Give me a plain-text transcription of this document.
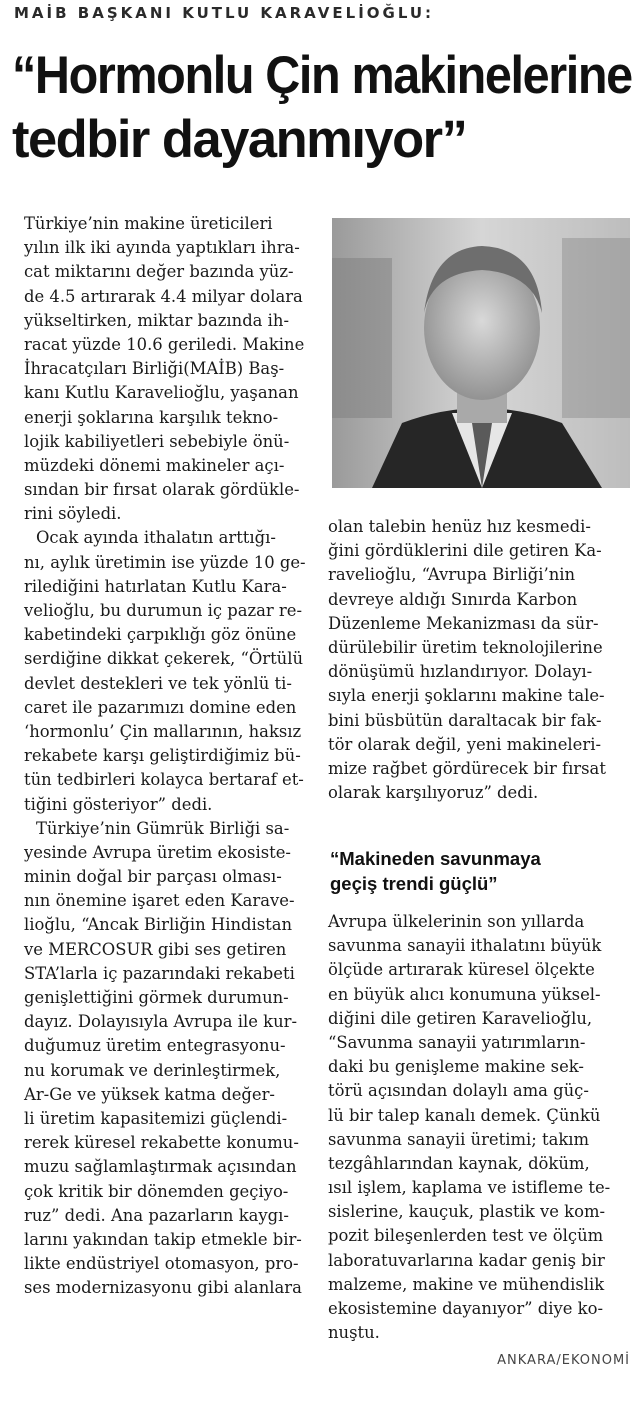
MAİB BAŞKANI KUTLU KARAVELİOĞLU:
“Hormonlu Çin makinelerine
tedbir dayanmıyor”

Türkiye’nin makine üreticileri
yılın ilk iki ayında yaptıkları ihra-
cat miktarını değer bazında yüz-
de 4.5 artırarak 4.4 milyar dolara
yükseltirken, miktar bazında ih-
racat yüzde 10.6 geriledi. Makine
İhracatçıları Birliği(MAİB) Baş-
kanı Kutlu Karavelioğlu, yaşanan
enerji şoklarına karşılık tekno-
lojik kabiliyetleri sebebiyle önü-
müzdeki dönemi makineler açı-
sından bir fırsat olarak gördükle-
rini söyledi.

Ocak ayında ithalatın arttığı-
nı, aylık üretimin ise yüzde 10 ge-
rilediğini hatırlatan Kutlu Kara-
velioğlu, bu durumun iç pazar re-
kabetindeki çarpıklığı göz önüne
serdiğine dikkat çekerek, “Örtülü
devlet destekleri ve tek yönlü ti-
caret ile pazarımızı domine eden
‘hormonlu’ Çin mallarının, haksız
rekabete karşı geliştirdiğimiz bü-
tün tedbirleri kolayca bertaraf et-
tiğini gösteriyor” dedi.

Türkiye’nin Gümrük Birliği sa-
yesinde Avrupa üretim ekosiste-
minin doğal bir parçası olması-
nın önemine işaret eden Karave-
lioğlu, “Ancak Birliğin Hindistan
ve MERCOSUR gibi ses getiren
STA’larla iç pazarındaki rekabeti
genişlettiğini görmek durumun-
dayız. Dolayısıyla Avrupa ile kur-
duğumuz üretim entegrasyonu-
nu korumak ve derinleştirmek,
Ar-Ge ve yüksek katma değer-
li üretim kapasitemizi güçlendi-
rerek küresel rekabette konumu-
muzu sağlamlaştırmak açısından
çok kritik bir dönemden geçiyo-
ruz” dedi. Ana pazarların kaygı-
larını yakından takip etmekle bir-
likte endüstriyel otomasyon, pro-
ses modernizasyonu gibi alanlara

olan talebin henüz hız kesmedi-
ğini gördüklerini dile getiren Ka-
ravelioğlu, “Avrupa Birliği’nin
devreye aldığı Sınırda Karbon
Düzenleme Mekanizması da sür-
dürülebilir üretim teknolojilerine
dönüşümü hızlandırıyor. Dolayı-
sıyla enerji şoklarını makine tale-
bini büsbütün daraltacak bir fak-
tör olarak değil, yeni makineleri-
mize rağbet gördürecek bir fırsat
olarak karşılıyoruz” dedi.

“Makineden savunmaya
geçiş trendi güçlü”

Avrupa ülkelerinin son yıllarda
savunma sanayii ithalatını büyük
ölçüde artırarak küresel ölçekte
en büyük alıcı konumuna yüksel-
diğini dile getiren Karavelioğlu,
“Savunma sanayii yatırımların-
daki bu genişleme makine sek-
törü açısından dolaylı ama güç-
lü bir talep kanalı demek. Çünkü
savunma sanayii üretimi; takım
tezgâhlarından kaynak, döküm,
ısıl işlem, kaplama ve istifleme te-
sislerine, kauçuk, plastik ve kom-
pozit bileşenlerden test ve ölçüm
laboratuvarlarına kadar geniş bir
malzeme, makine ve mühendislik
ekosistemine dayanıyor” diye ko-
nuştu.

ANKARA/EKONOMİ
